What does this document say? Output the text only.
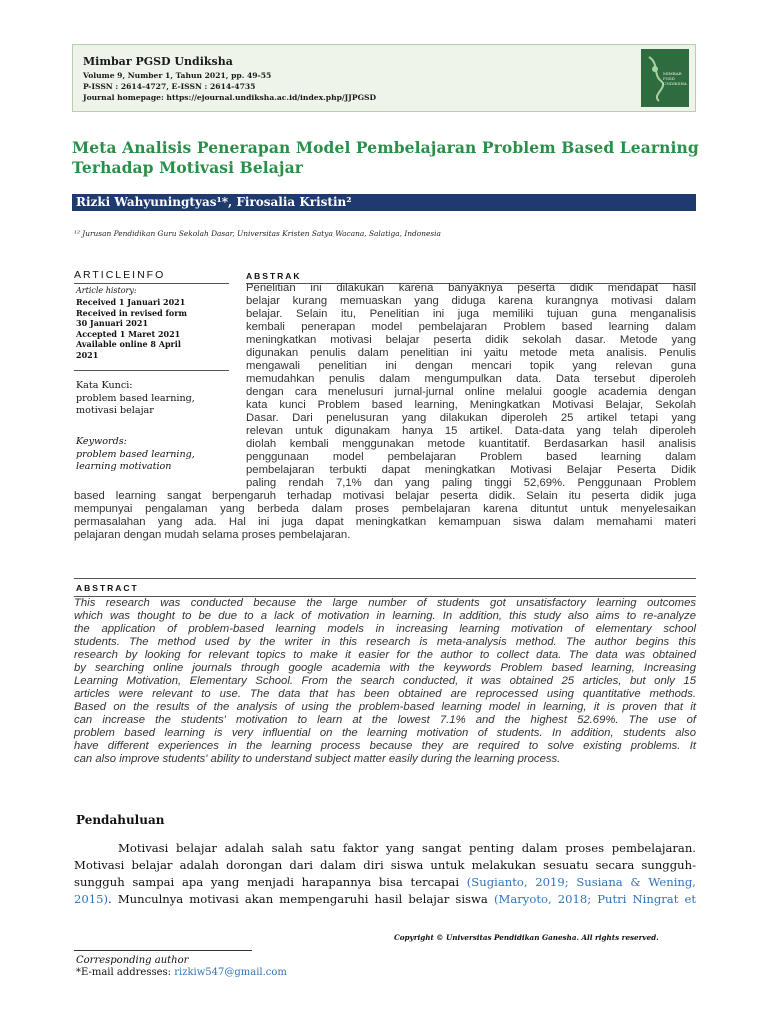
Mimbar PGSD Undiksha
Volume 9, Number 1, Tahun 2021, pp. 49-55
P-ISSN : 2614-4727, E-ISSN : 2614-4735
Journal homepage: https://ejournal.undiksha.ac.id/index.php/JJPGSD
MIMBAR PGSD UNDIKSHA
Meta Analisis Penerapan Model Pembelajaran Problem Based Learning
Terhadap Motivasi Belajar
Rizki Wahyuningtyas¹*, Firosalia Kristin²
¹² Jurusan Pendidikan Guru Sekolah Dasar, Universitas Kristen Satya Wacana, Salatiga, Indonesia
ARTICLEINFO
Article history:
Received 1 Januari 2021
Received in revised form
30 Januari 2021
Accepted 1 Maret 2021
Available online 8 April
2021
Kata Kunci:
problem based learning,
motivasi belajar
Keywords:
problem based learning,
learning motivation
ABSTRAK
Penelitian ini dilakukan karena banyaknya peserta didik mendapat hasil
belajar kurang memuaskan yang diduga karena kurangnya motivasi dalam
belajar. Selain itu, Penelitian ini juga memiliki tujuan guna menganalisis
kembali penerapan model pembelajaran Problem based learning dalam
meningkatkan motivasi belajar peserta didik sekolah dasar. Metode yang
digunakan penulis dalam penelitian ini yaitu metode meta analisis. Penulis
mengawali penelitian ini dengan mencari topik yang relevan guna
memudahkan penulis dalam mengumpulkan data. Data tersebut diperoleh
dengan cara menelusuri jurnal-jurnal online melalui google academia dengan
kata kunci Problem based learning, Meningkatkan Motivasi Belajar, Sekolah
Dasar. Dari penelusuran yang dilakukan diperoleh 25 artikel tetapi yang
relevan untuk digunakam hanya 15 artikel. Data-data yang telah diperoleh
diolah kembali menggunakan metode kuantitatif. Berdasarkan hasil analisis
penggunaan model pembelajaran Problem based learning dalam
pembelajaran terbukti dapat meningkatkan Motivasi Belajar Peserta Didik
paling rendah 7,1% dan yang paling tinggi 52,69%. Penggunaan Problem
based learning sangat berpengaruh terhadap motivasi belajar peserta didik. Selain itu peserta didik juga
mempunyai pengalaman yang berbeda dalam proses pembelajaran karena dituntut untuk menyelesaikan
permasalahan yang ada. Hal ini juga dapat meningkatkan kemampuan siswa dalam memahami materi
pelajaran dengan mudah selama proses pembelajaran.
ABSTRACT
This research was conducted because the large number of students got unsatisfactory learning outcomes
which was thought to be due to a lack of motivation in learning. In addition, this study also aims to re-analyze
the application of problem-based learning models in increasing learning motivation of elementary school
students. The method used by the writer in this research is meta-analysis method. The author begins this
research by looking for relevant topics to make it easier for the author to collect data. The data was obtained
by searching online journals through google academia with the keywords Problem based learning, Increasing
Learning Motivation, Elementary School. From the search conducted, it was obtained 25 articles, but only 15
articles were relevant to use. The data that has been obtained are reprocessed using quantitative methods.
Based on the results of the analysis of using the problem-based learning model in learning, it is proven that it
can increase the students' motivation to learn at the lowest 7.1% and the highest 52.69%. The use of
problem based learning is very influential on the learning motivation of students. In addition, students also
have different experiences in the learning process because they are required to solve existing problems. It
can also improve students' ability to understand subject matter easily during the learning process.
Pendahuluan
Motivasi belajar adalah salah satu faktor yang sangat penting dalam proses pembelajaran.
Motivasi belajar adalah dorongan dari dalam diri siswa untuk melakukan sesuatu secara sungguh-
sungguh sampai apa yang menjadi harapannya bisa tercapai (Sugianto, 2019; Susiana & Wening,
2015). Munculnya motivasi akan mempengaruhi hasil belajar siswa (Maryoto, 2018; Putri Ningrat et
Copyright © Universitas Pendidikan Ganesha. All rights reserved.
Corresponding author
*E-mail addresses: rizkiw547@gmail.com
